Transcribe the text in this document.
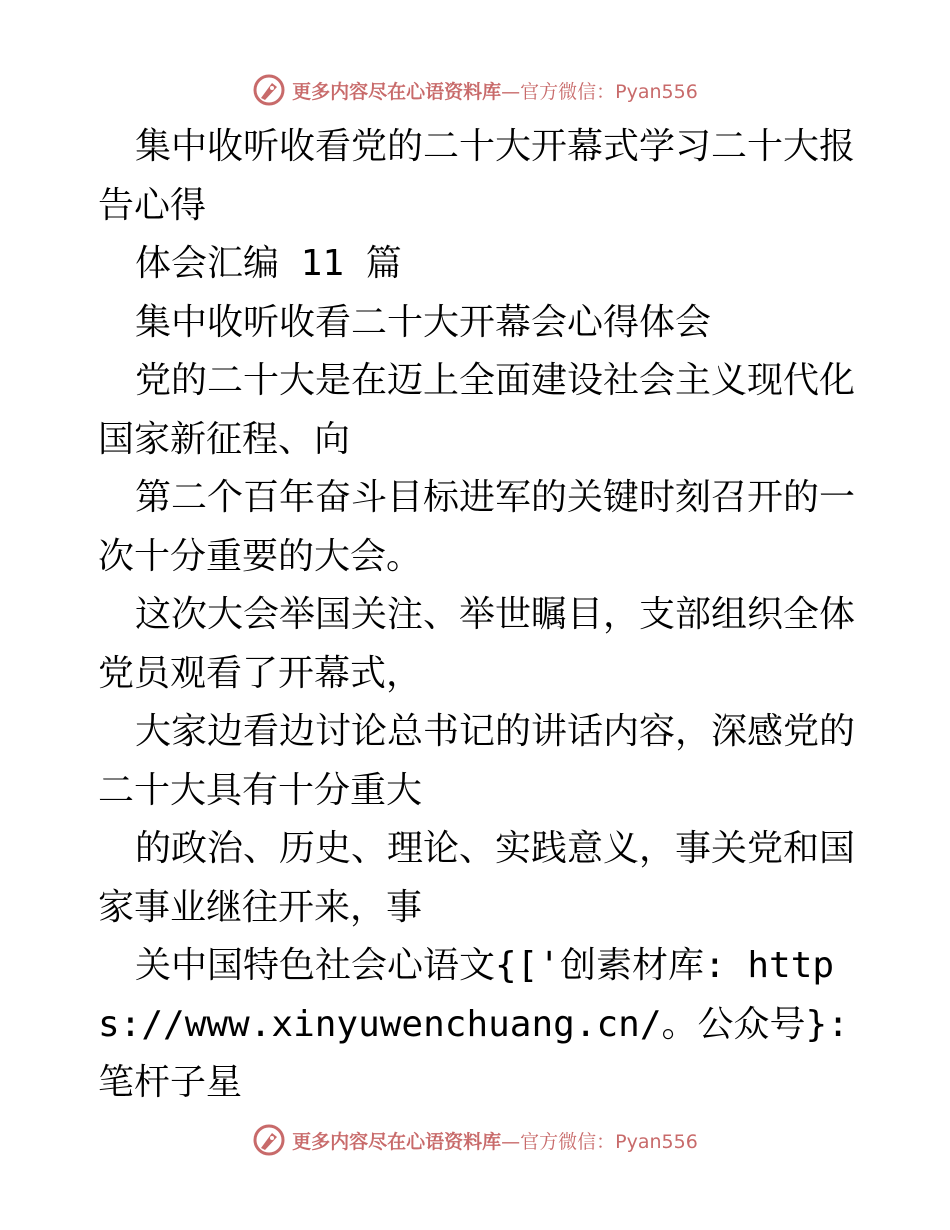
更多内容尽在心语资料库 —官方微信：Pyan556

集中收听收看党的二十大开幕式学习二十大报告心得

体会汇编 11 篇

集中收听收看二十大开幕会心得体会

党的二十大是在迈上全面建设社会主义现代化国家新征程、向

第二个百年奋斗目标进军的关键时刻召开的一次十分重要的大会。

这次大会举国关注、举世瞩目，支部组织全体党员观看了开幕式，

大家边看边讨论总书记的讲话内容，深感党的二十大具有十分重大

的政治、历史、理论、实践意义，事关党和国家事业继往开来，事

关中国特色社会心语文{['创素材库: https://www.xinyuwenchuang.cn/。公众号}: 笔杆子星

更多内容尽在心语资料库 —官方微信：Pyan556
